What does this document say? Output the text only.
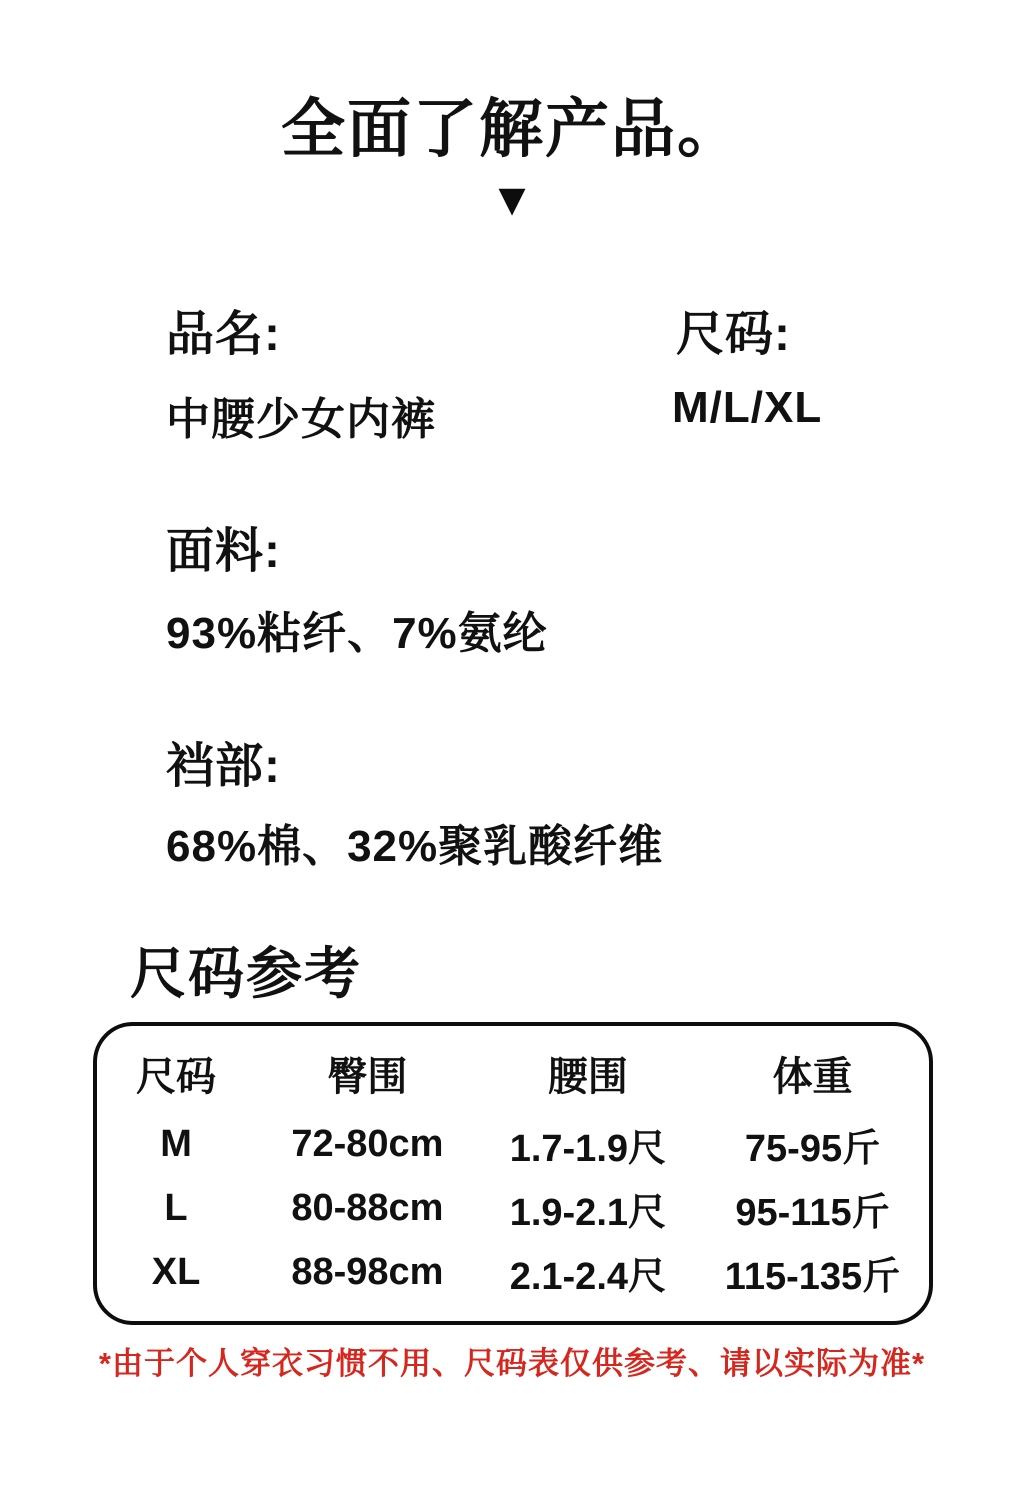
全面了解产品。
▼
品名:
中腰少女内裤
尺码:
M/L/XL
面料:
93%粘纤、7%氨纶
裆部:
68%棉、32%聚乳酸纤维
尺码参考
尺码	臀围	腰围	体重
M	72-80cm	1.7-1.9尺	75-95斤
L	80-88cm	1.9-2.1尺	95-115斤
XL	88-98cm	2.1-2.4尺	115-135斤
*由于个人穿衣习惯不用、尺码表仅供参考、请以实际为准*
